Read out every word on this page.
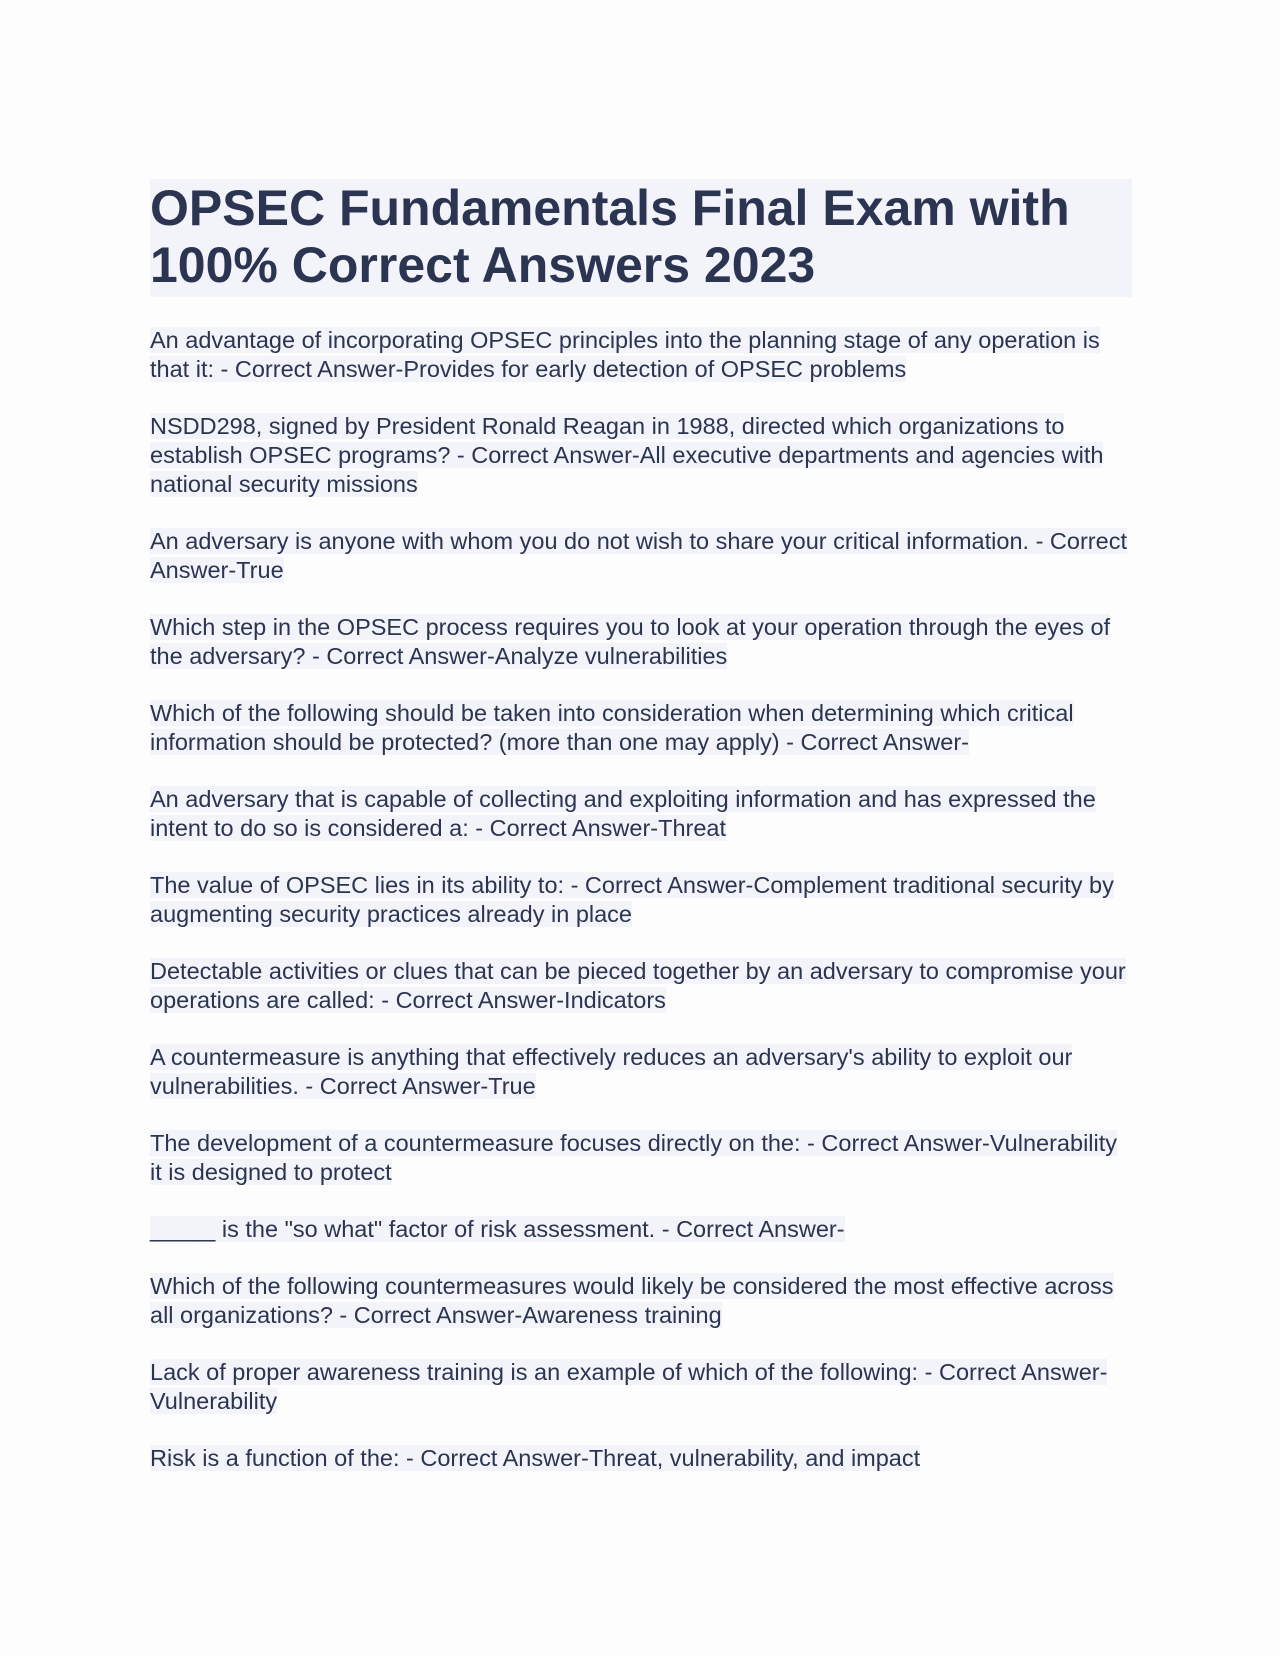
OPSEC Fundamentals Final Exam with 100% Correct Answers 2023
An advantage of incorporating OPSEC principles into the planning stage of any operation is that it: - Correct Answer-Provides for early detection of OPSEC problems
NSDD298, signed by President Ronald Reagan in 1988, directed which organizations to establish OPSEC programs? - Correct Answer-All executive departments and agencies with national security missions
An adversary is anyone with whom you do not wish to share your critical information. - Correct Answer-True
Which step in the OPSEC process requires you to look at your operation through the eyes of the adversary? - Correct Answer-Analyze vulnerabilities
Which of the following should be taken into consideration when determining which critical information should be protected? (more than one may apply) - Correct Answer-
An adversary that is capable of collecting and exploiting information and has expressed the intent to do so is considered a: - Correct Answer-Threat
The value of OPSEC lies in its ability to: - Correct Answer-Complement traditional security by augmenting security practices already in place
Detectable activities or clues that can be pieced together by an adversary to compromise your operations are called: - Correct Answer-Indicators
A countermeasure is anything that effectively reduces an adversary's ability to exploit our vulnerabilities. - Correct Answer-True
The development of a countermeasure focuses directly on the: - Correct Answer-Vulnerability it is designed to protect
_____ is the "so what" factor of risk assessment. - Correct Answer-
Which of the following countermeasures would likely be considered the most effective across all organizations? - Correct Answer-Awareness training
Lack of proper awareness training is an example of which of the following: - Correct Answer-Vulnerability
Risk is a function of the: - Correct Answer-Threat, vulnerability, and impact
